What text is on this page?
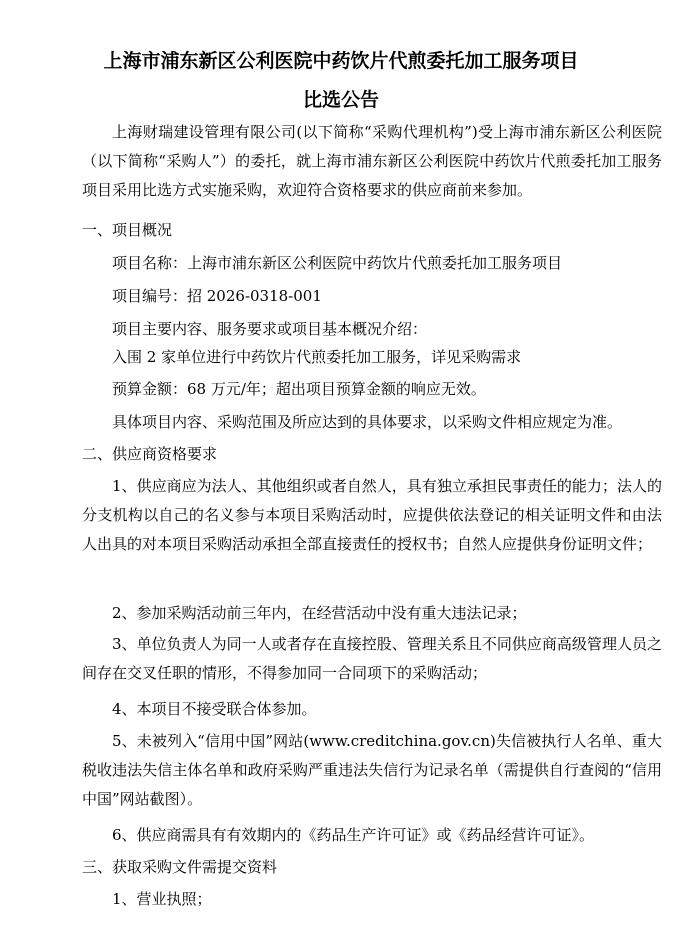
上海市浦东新区公利医院中药饮片代煎委托加工服务项目
比选公告

上海财瑞建设管理有限公司(以下简称“采购代理机构”)受上海市浦东新区公利医院（以下简称“采购人”）的委托，就上海市浦东新区公利医院中药饮片代煎委托加工服务项目采用比选方式实施采购，欢迎符合资格要求的供应商前来参加。

一、项目概况

项目名称：上海市浦东新区公利医院中药饮片代煎委托加工服务项目

项目编号：招 2026-0318-001

项目主要内容、服务要求或项目基本概况介绍：

入围 2 家单位进行中药饮片代煎委托加工服务，详见采购需求

预算金额：68 万元/年；超出项目预算金额的响应无效。

具体项目内容、采购范围及所应达到的具体要求，以采购文件相应规定为准。

二、供应商资格要求

1、供应商应为法人、其他组织或者自然人，具有独立承担民事责任的能力；法人的分支机构以自己的名义参与本项目采购活动时，应提供依法登记的相关证明文件和由法人出具的对本项目采购活动承担全部直接责任的授权书；自然人应提供身份证明文件；

2、参加采购活动前三年内，在经营活动中没有重大违法记录；

3、单位负责人为同一人或者存在直接控股、管理关系且不同供应商高级管理人员之间存在交叉任职的情形，不得参加同一合同项下的采购活动；

4、本项目不接受联合体参加。

5、未被列入“信用中国”网站(www.creditchina.gov.cn)失信被执行人名单、重大税收违法失信主体名单和政府采购严重违法失信行为记录名单（需提供自行查阅的“信用中国”网站截图）。

6、供应商需具有有效期内的《药品生产许可证》或《药品经营许可证》。

三、获取采购文件需提交资料

1、营业执照；
